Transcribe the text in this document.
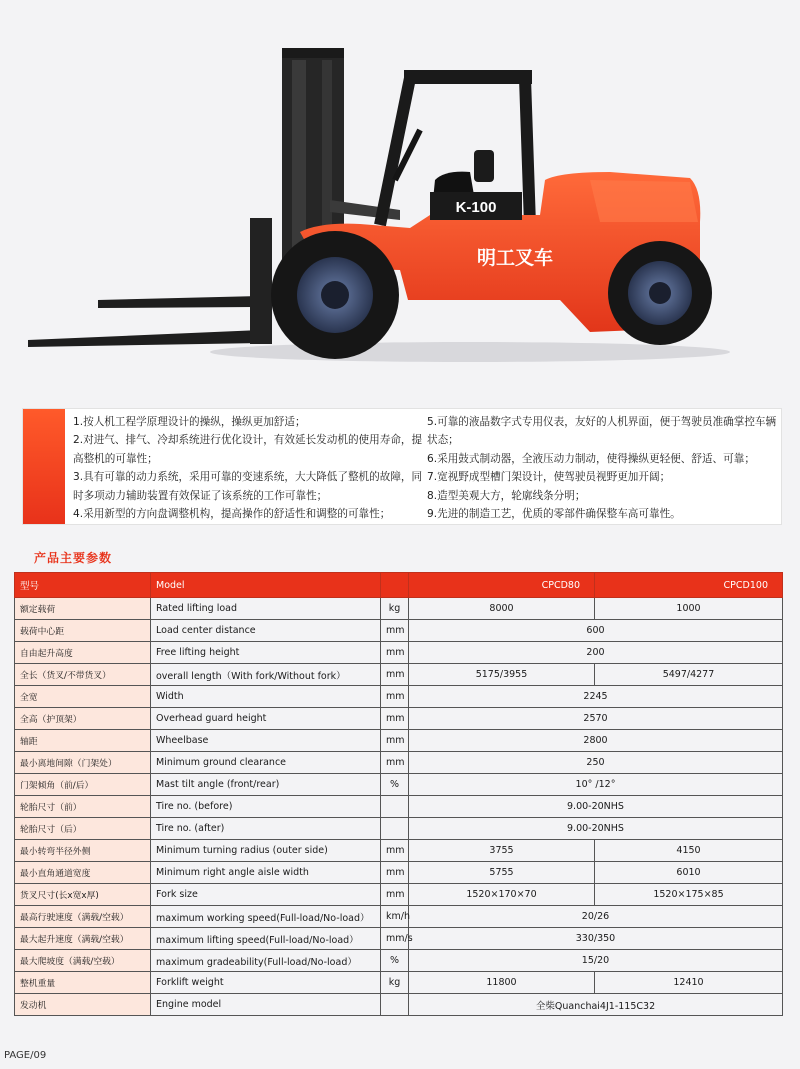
K-100
明工叉车
1.按人机工程学原理设计的操纵，操纵更加舒适；
2.对进气、排气、冷却系统进行优化设计，有效延长发动机的使用寿命，提高整机的可靠性；
3.具有可靠的动力系统，采用可靠的变速系统，大大降低了整机的故障，同时多项动力辅助装置有效保证了该系统的工作可靠性；
4.采用新型的方向盘调整机构，提高操作的舒适性和调整的可靠性；
5.可靠的液晶数字式专用仪表，友好的人机界面，便于驾驶员准确掌控车辆状态；
6.采用鼓式制动器，全液压动力制动，使得操纵更轻便、舒适、可靠；
7.宽视野成型槽门架设计，使驾驶员视野更加开阔；
8.造型美观大方，轮廓线条分明；
9.先进的制造工艺，优质的零部件确保整车高可靠性。
产品主要参数
型号	Model		CPCD80	CPCD100
额定载荷	Rated lifting load	kg	8000	1000
载荷中心距	Load center distance	mm	600	
自由起升高度	Free lifting height	mm	200	
全长（货叉/不带货叉）	overall length（With fork/Without fork）	mm	5175/3955	5497/4277
全宽	Width	mm	2245	
全高（护顶架）	Overhead guard height	mm	2570	
轴距	Wheelbase	mm	2800	
最小离地间隙（门架处）	Minimum ground clearance	mm	250	
门架倾角（前/后）	Mast tilt angle (front/rear)	%	10° /12°	
轮胎尺寸（前）	Tire no. (before)		9.00-20NHS	
轮胎尺寸（后）	Tire no. (after)		9.00-20NHS	
最小转弯半径外侧	Minimum turning radius (outer side)	mm	3755	4150
最小直角通道宽度	Minimum right angle aisle width	mm	5755	6010
货叉尺寸(长x宽x厚)	Fork size	mm	1520×170×70	1520×175×85
最高行驶速度（满载/空载）	maximum working speed(Full-load/No-load）	km/h	20/26	
最大起升速度（满载/空载）	maximum lifting speed(Full-load/No-load）	mm/s	330/350	
最大爬坡度（满载/空载）	maximum gradeability(Full-load/No-load）	%	15/20	
整机重量	Forklift weight	kg	11800	12410
发动机	Engine model		全柴Quanchai4J1-115C32	
PAGE/09
